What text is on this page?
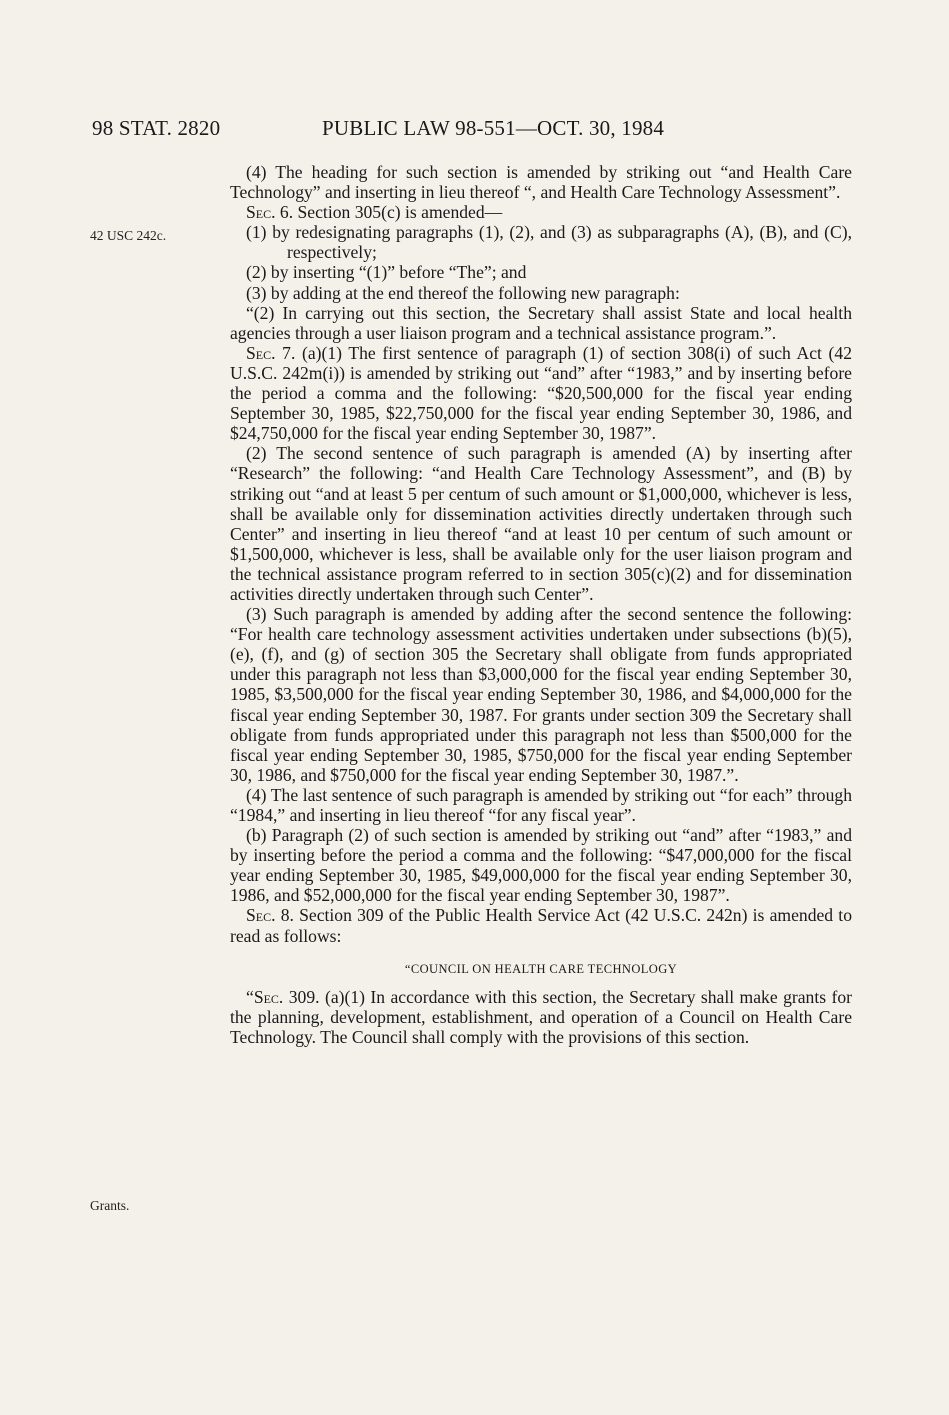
98 STAT. 2820	PUBLIC LAW 98-551—OCT. 30, 1984
42 USC 242c.
Grants.

(4) The heading for such section is amended by striking out “and Health Care Technology” and inserting in lieu thereof “, and Health Care Technology Assessment”.

Sec. 6. Section 305(c) is amended—

(1) by redesignating paragraphs (1), (2), and (3) as subparagraphs (A), (B), and (C), respectively;

(2) by inserting “(1)” before “The”; and

(3) by adding at the end thereof the following new paragraph:

“(2) In carrying out this section, the Secretary shall assist State and local health agencies through a user liaison program and a technical assistance program.”.

Sec. 7. (a)(1) The first sentence of paragraph (1) of section 308(i) of such Act (42 U.S.C. 242m(i)) is amended by striking out “and” after “1983,” and by inserting before the period a comma and the following: “$20,500,000 for the fiscal year ending September 30, 1985, $22,750,000 for the fiscal year ending September 30, 1986, and $24,750,000 for the fiscal year ending September 30, 1987”.

(2) The second sentence of such paragraph is amended (A) by inserting after “Research” the following: “and Health Care Technology Assessment”, and (B) by striking out “and at least 5 per centum of such amount or $1,000,000, whichever is less, shall be available only for dissemination activities directly undertaken through such Center” and inserting in lieu thereof “and at least 10 per centum of such amount or $1,500,000, whichever is less, shall be available only for the user liaison program and the technical assistance program referred to in section 305(c)(2) and for dissemination activities directly undertaken through such Center”.

(3) Such paragraph is amended by adding after the second sentence the following: “For health care technology assessment activities undertaken under subsections (b)(5), (e), (f), and (g) of section 305 the Secretary shall obligate from funds appropriated under this paragraph not less than $3,000,000 for the fiscal year ending September 30, 1985, $3,500,000 for the fiscal year ending September 30, 1986, and $4,000,000 for the fiscal year ending September 30, 1987. For grants under section 309 the Secretary shall obligate from funds appropriated under this paragraph not less than $500,000 for the fiscal year ending September 30, 1985, $750,000 for the fiscal year ending September 30, 1986, and $750,000 for the fiscal year ending September 30, 1987.”.

(4) The last sentence of such paragraph is amended by striking out “for each” through “1984,” and inserting in lieu thereof “for any fiscal year”.

(b) Paragraph (2) of such section is amended by striking out “and” after “1983,” and by inserting before the period a comma and the following: “$47,000,000 for the fiscal year ending September 30, 1985, $49,000,000 for the fiscal year ending September 30, 1986, and $52,000,000 for the fiscal year ending September 30, 1987”.

Sec. 8. Section 309 of the Public Health Service Act (42 U.S.C. 242n) is amended to read as follows:

“COUNCIL ON HEALTH CARE TECHNOLOGY

“Sec. 309. (a)(1) In accordance with this section, the Secretary shall make grants for the planning, development, establishment, and operation of a Council on Health Care Technology. The Council shall comply with the provisions of this section.
